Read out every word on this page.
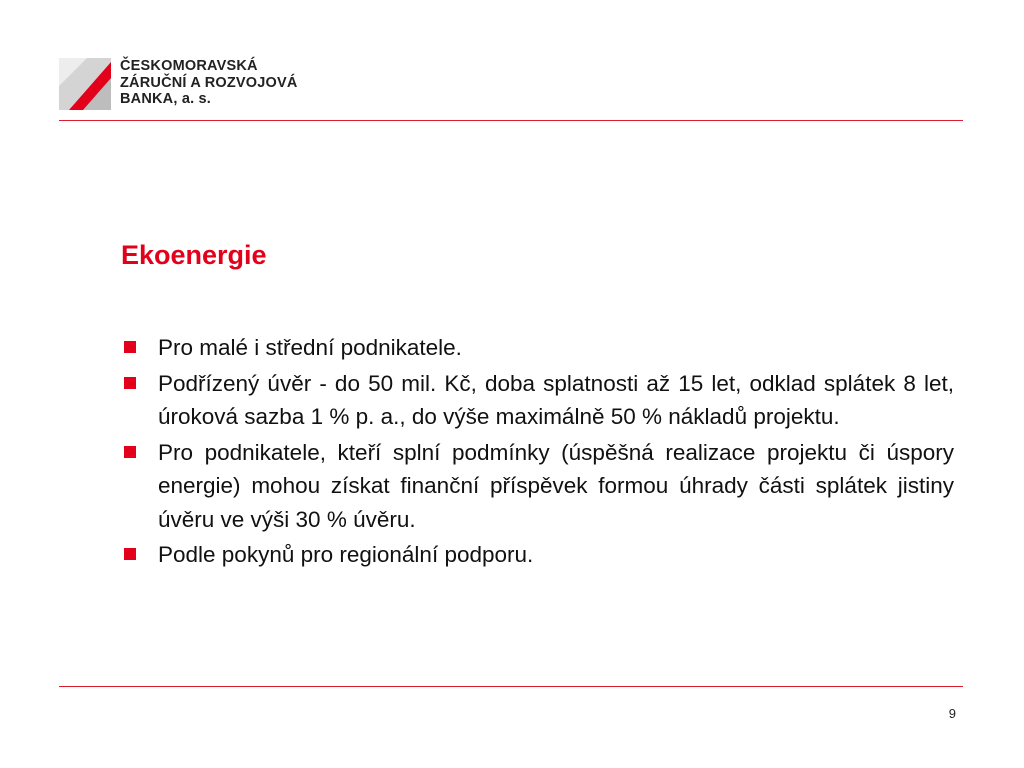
ČESKOMORAVSKÁ
ZÁRUČNÍ A ROZVOJOVÁ
BANKA, a. s.
Ekoenergie
Pro malé i střední podnikatele.
Podřízený úvěr - do 50 mil. Kč, doba splatnosti až 15 let, odklad splátek 8 let, úroková sazba 1 % p. a., do výše maximálně 50 % nákladů projektu.
Pro podnikatele, kteří splní podmínky (úspěšná realizace projektu či úspory energie) mohou získat finanční příspěvek formou úhrady části splátek jistiny úvěru ve výši 30 % úvěru.
Podle pokynů pro regionální podporu.
9
